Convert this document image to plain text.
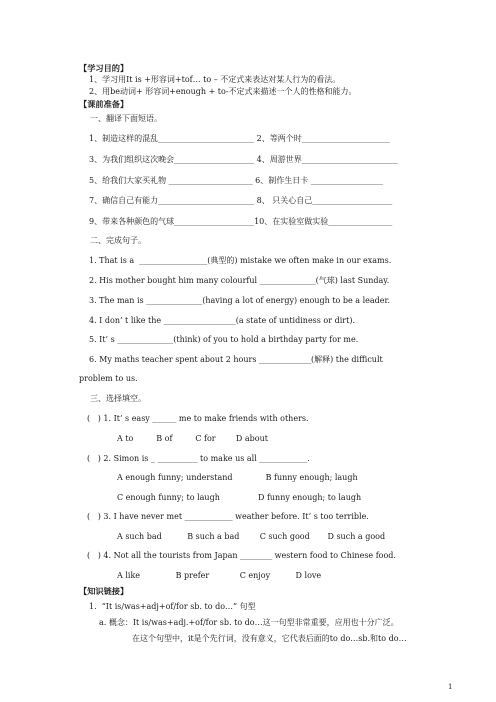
【学习目的】
1、学习用It is +形容词+tof… to – 不定式来表达对某人行为的看法。
2、用be动词+ 形容词+enough + to-不定式来描述一个人的性格和能力。
【课前准备】
一、翻译下面短语。
1、制造这样的混乱________________________ 2、等两个时______________________
3、为我们组织这次晚会____________________ 4、周游世界________________________
5、给我们大家买礼物 _____________________ 6、制作生日卡 __________________
7、确信自己有能力________________________ 8、 只关心自己____________________
9、带来各种颜色的气球____________________10、在实验室做实验________________
二、完成句子。
1. That is a  _________________(典型的) mistake we often make in our exams.
2. His mother bought him many colourful ______________(气球) last Sunday.
3. The man is ______________(having a lot of energy) enough to be a leader.
4. I don’ t like the __________________(a state of untidiness or dirt).
5. It’ s ______________(think) of you to hold a birthday party for me.
6. My maths teacher spent about 2 hours _____________(解释) the difficult
problem to us.
三、选择填空。
(   ) 1. It’ s easy ______ me to make friends with others.
A to         B of         C for        D about
(   ) 2. Simon is _ __________ to make us all ____________.
A enough funny; understand             B funny enough; laugh
C enough funny; to laugh               D funny enough; to laugh
(   ) 3. I have never met ____________ weather before. It’ s too terrible.
A such bad          B such a bad        C such good       D such a good
(   ) 4. Not all the tourists from Japan ________ western food to Chinese food.
A like              B prefer            C enjoy          D love
【知识链接】
1.  “It is/was+adj+of/for sb. to do…” 句型
a. 概念：It is/was+adj.+of/for sb. to do…这一句型非常重要，应用也十分广泛。
在这个句型中，it是个先行词，没有意义，它代表后面的to do…sb.和to do…
1
